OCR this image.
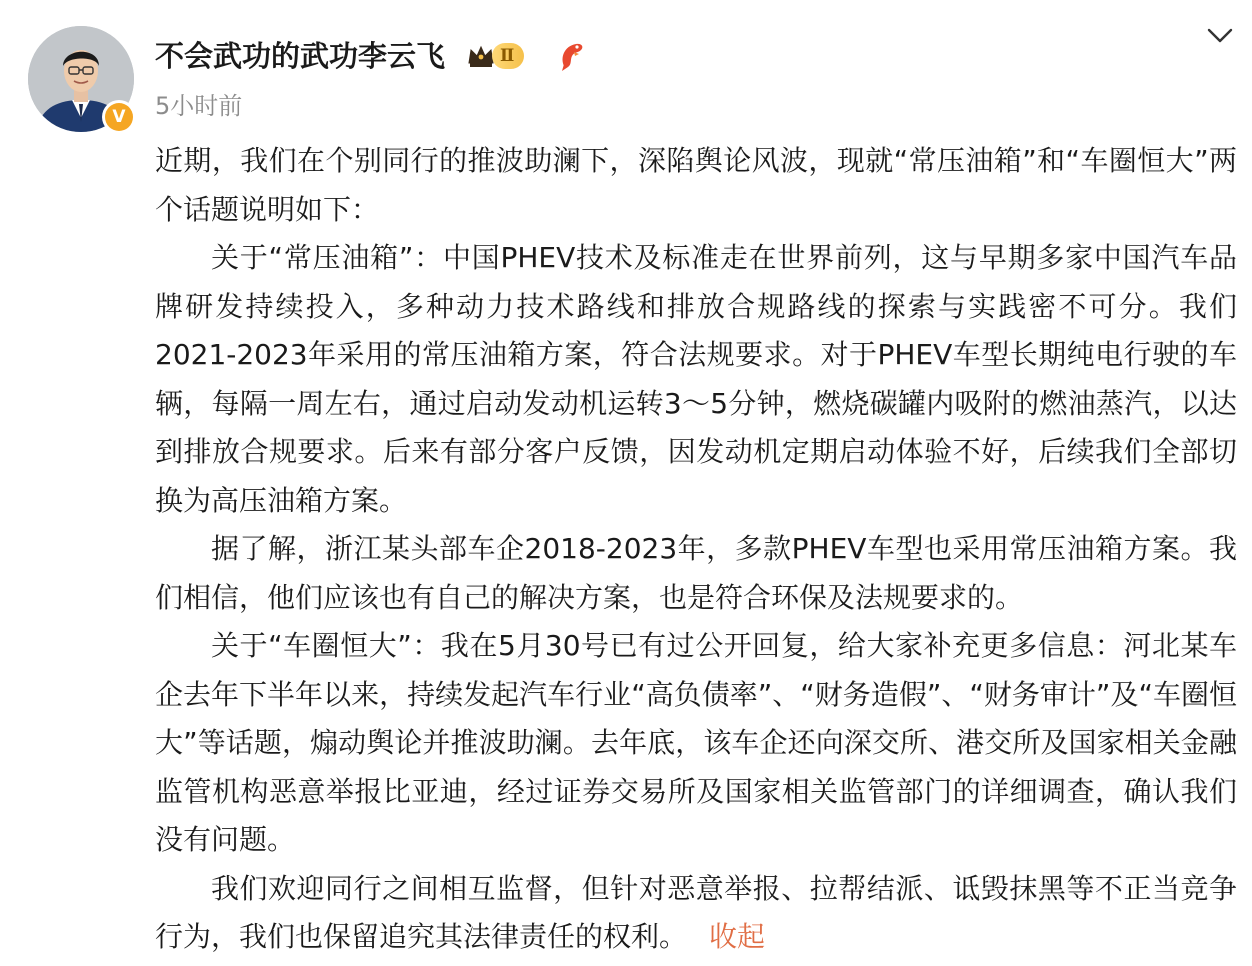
V
不会武功的武功李云飞	Ⅱ
5小时前

近期，我们在个别同行的推波助澜下，深陷舆论风波，现就“常压油箱”和“车圈恒大”两个话题说明如下：

关于“常压油箱”：中国PHEV技术及标准走在世界前列，这与早期多家中国汽车品牌研发持续投入，多种动力技术路线和排放合规路线的探索与实践密不可分。我们2021-2023年采用的常压油箱方案，符合法规要求。对于PHEV车型长期纯电行驶的车辆，每隔一周左右，通过启动发动机运转3～5分钟，燃烧碳罐内吸附的燃油蒸汽，以达到排放合规要求。后来有部分客户反馈，因发动机定期启动体验不好，后续我们全部切换为高压油箱方案。

据了解，浙江某头部车企2018-2023年，多款PHEV车型也采用常压油箱方案。我们相信，他们应该也有自己的解决方案，也是符合环保及法规要求的。

关于“车圈恒大”：我在5月30号已有过公开回复，给大家补充更多信息：河北某车企去年下半年以来，持续发起汽车行业“高负债率”、“财务造假”、“财务审计”及“车圈恒大”等话题，煽动舆论并推波助澜。去年底，该车企还向深交所、港交所及国家相关金融监管机构恶意举报比亚迪，经过证券交易所及国家相关监管部门的详细调查，确认我们没有问题。

我们欢迎同行之间相互监督，但针对恶意举报、拉帮结派、诋毁抹黑等不正当竞争行为，我们也保留追究其法律责任的权利。 收起
